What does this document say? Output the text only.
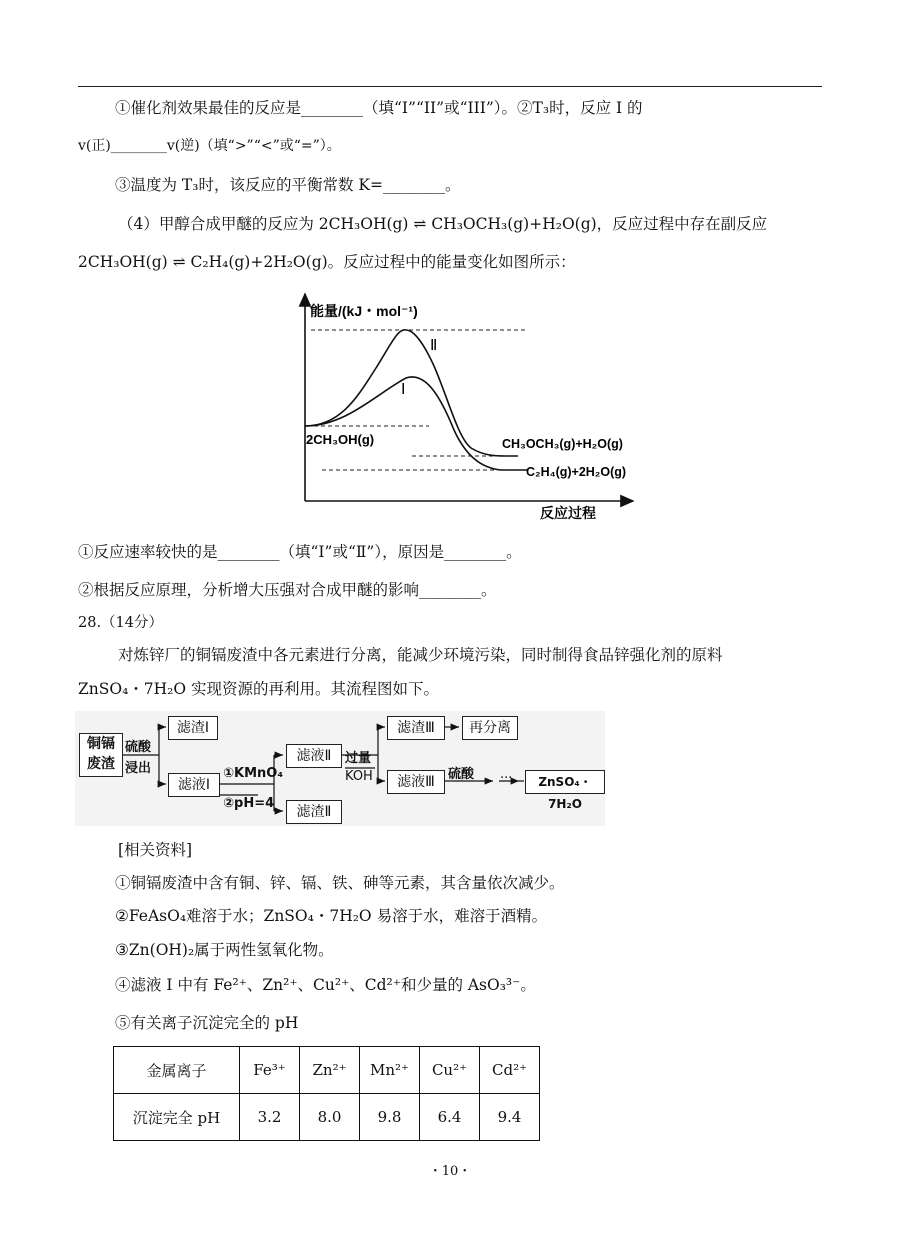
①催化剂效果最佳的反应是________（填“I”“II”或“III”）。②T₃时，反应 I 的
v(正)________v(逆)（填“>”“<”或“=”）。
③温度为 T₃时，该反应的平衡常数 K=________。
（4）甲醇合成甲醚的反应为 2CH₃OH(g) ⇌ CH₃OCH₃(g)+H₂O(g)，反应过程中存在副反应
2CH₃OH(g) ⇌ C₂H₄(g)+2H₂O(g)。反应过程中的能量变化如图所示：
能量/(kJ・mol⁻¹)
反应过程
Ⅱ
Ⅰ
2CH₃OH(g)	CH₃OCH₃(g)+H₂O(g)
C₂H₄(g)+2H₂O(g)
①反应速率较快的是________（填“Ⅰ”或“Ⅱ”），原因是________。
②根据反应原理，分析增大压强对合成甲醚的影响________。
28.（14分）
对炼锌厂的铜镉废渣中各元素进行分离，能减少环境污染，同时制得食品锌强化剂的原料
ZnSO₄・7H₂O 实现资源的再利用。其流程图如下。
铜镉
废渣
硫酸
浸出
滤渣Ⅰ
滤液Ⅰ
①KMnO₄
②pH=4
滤液Ⅱ
滤渣Ⅱ
过量
KOH
滤渣Ⅲ	再分离
滤液Ⅲ	硫酸 ···	ZnSO₄・7H₂O
[相关资料]
①铜镉废渣中含有铜、锌、镉、铁、砷等元素，其含量依次减少。
②FeAsO₄难溶于水；ZnSO₄・7H₂O 易溶于水，难溶于酒精。
③Zn(OH)₂属于两性氢氧化物。
④滤液 I 中有 Fe²⁺、Zn²⁺、Cu²⁺、Cd²⁺和少量的 AsO₃³⁻。
⑤有关离子沉淀完全的 pH
金属离子	Fe³⁺	Zn²⁺	Mn²⁺	Cu²⁺	Cd²⁺
沉淀完全 pH	3.2	8.0	9.8	6.4	9.4
・10・
